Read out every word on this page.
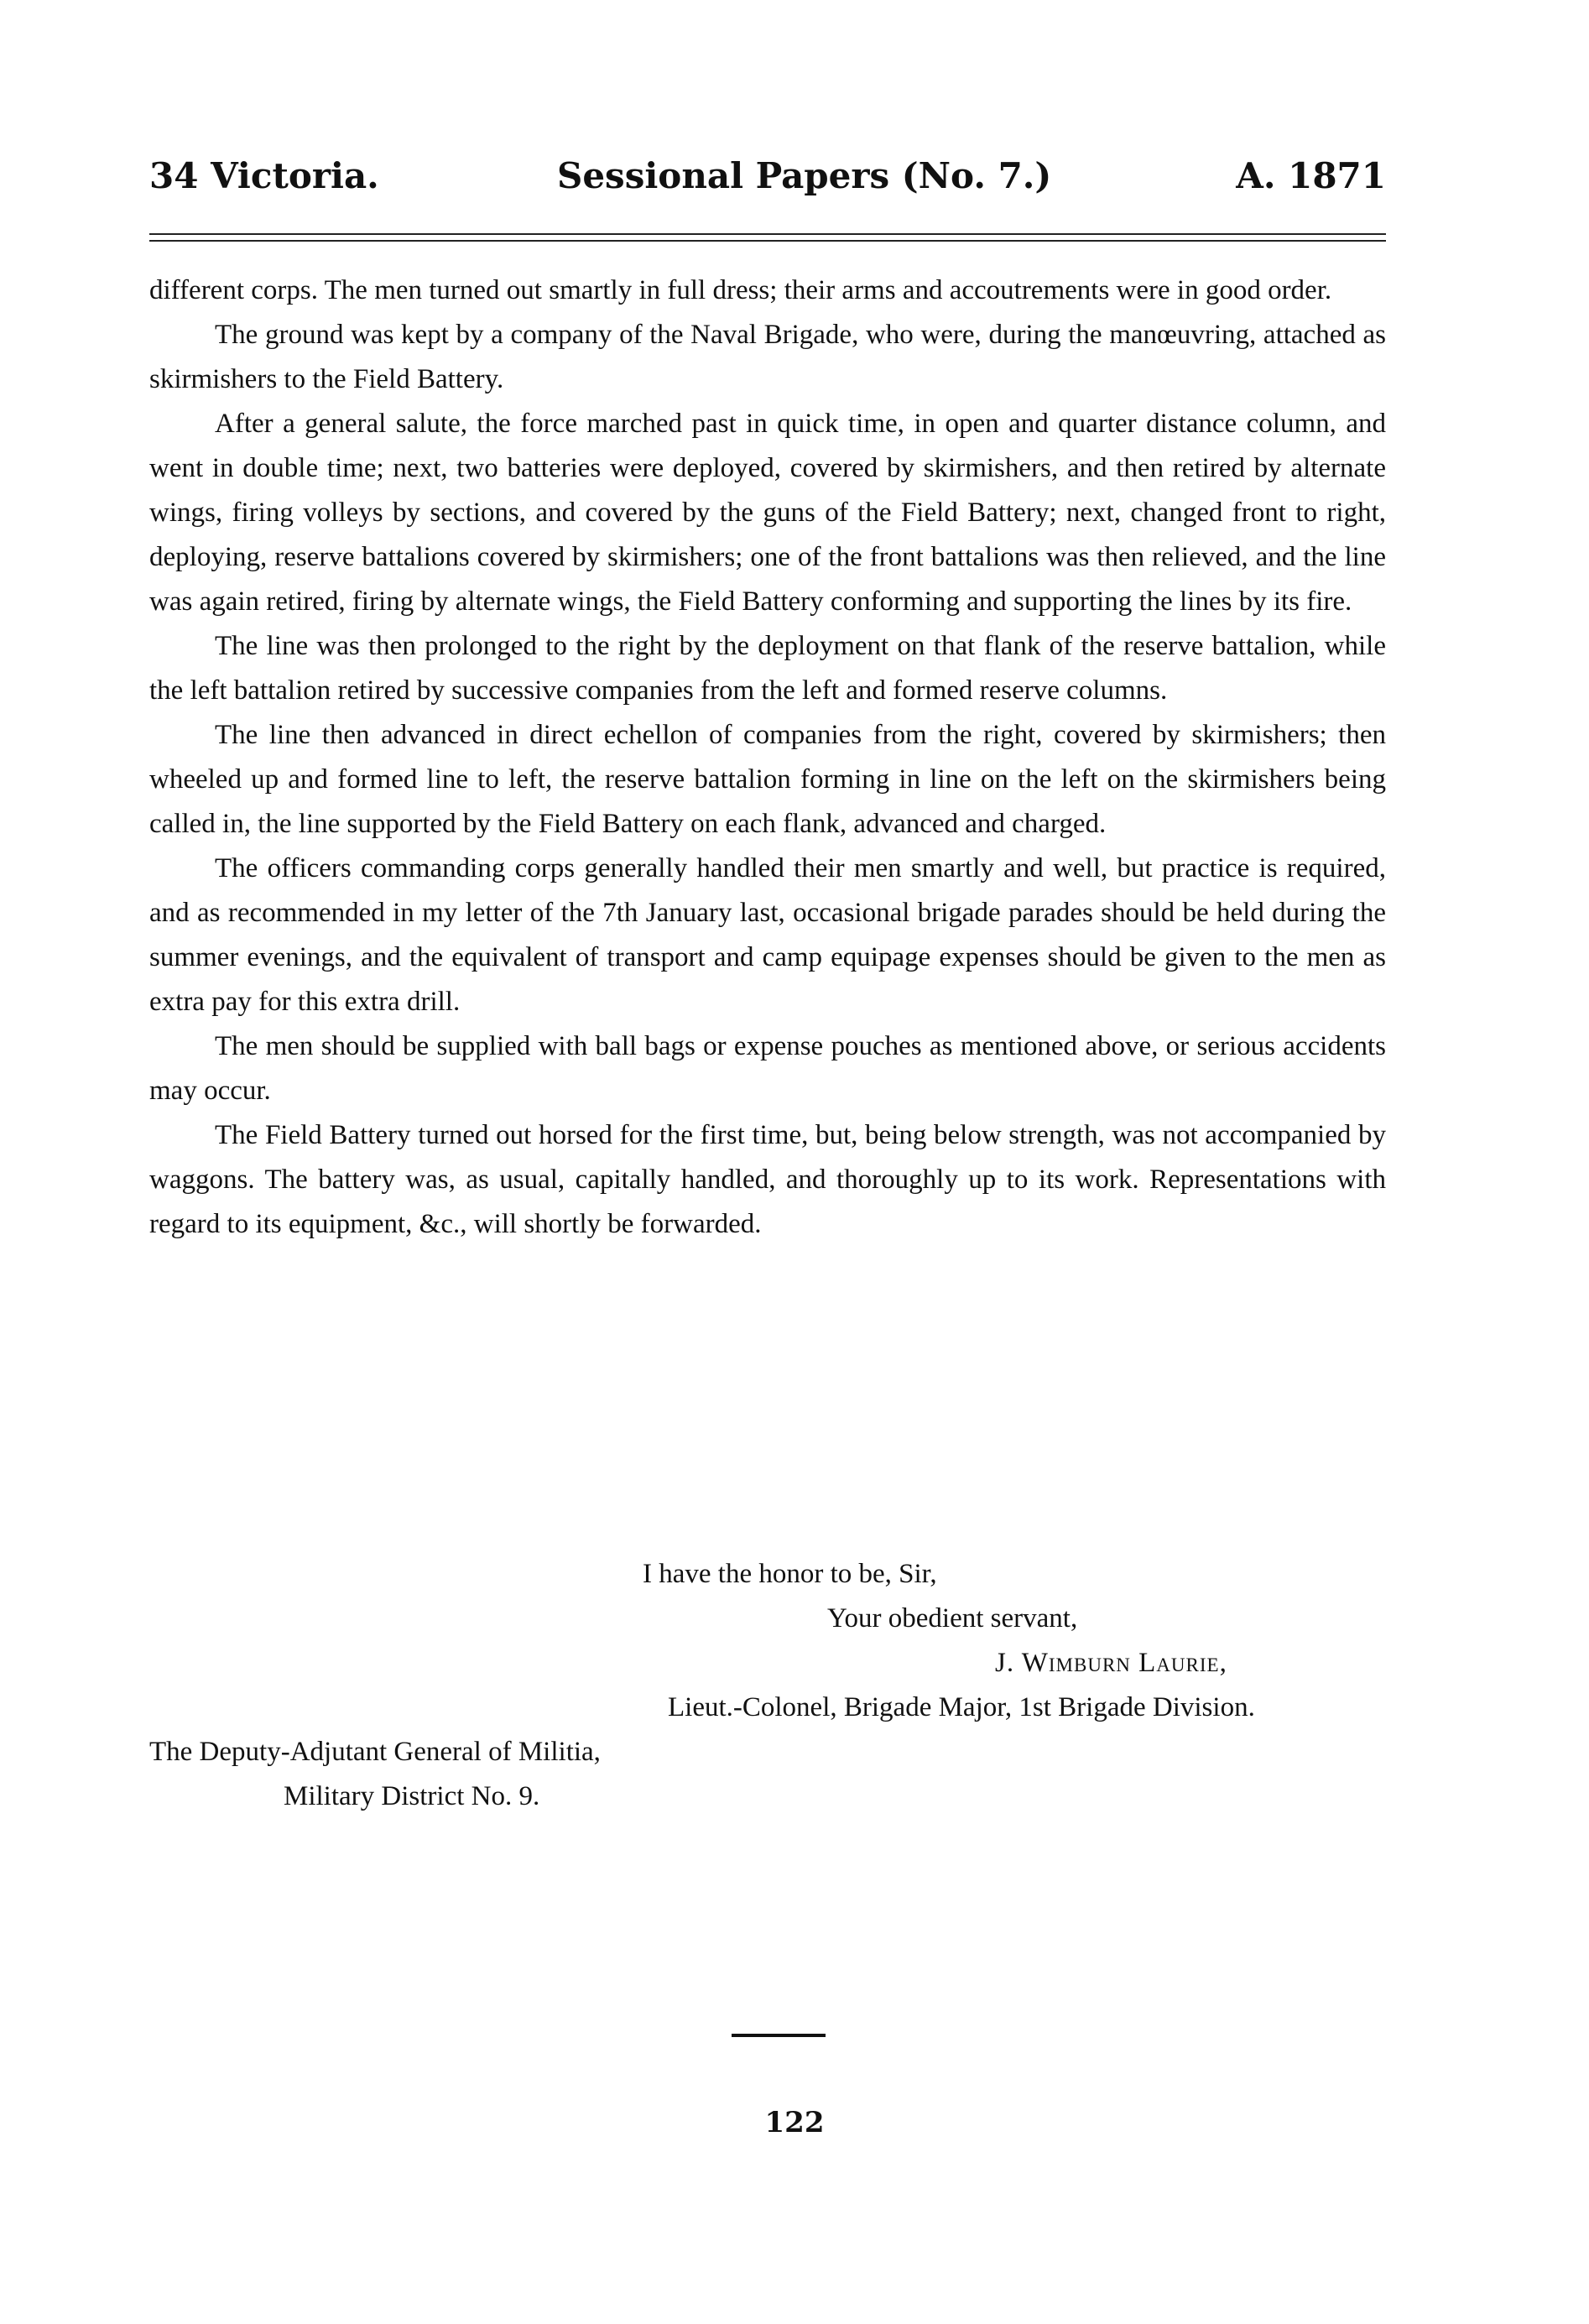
34 Victoria.	Sessional Papers (No. 7.)	A. 1871

different corps. The men turned out smartly in full dress; their arms and accoutrements were in good order.

The ground was kept by a company of the Naval Brigade, who were, during the manœuvring, attached as skirmishers to the Field Battery.

After a general salute, the force marched past in quick time, in open and quarter distance column, and went in double time; next, two batteries were deployed, covered by skirmishers, and then retired by alternate wings, firing volleys by sections, and covered by the guns of the Field Battery; next, changed front to right, deploying, reserve battalions covered by skirmishers; one of the front battalions was then relieved, and the line was again retired, firing by alternate wings, the Field Battery conforming and supporting the lines by its fire.

The line was then prolonged to the right by the deployment on that flank of the reserve battalion, while the left battalion retired by successive companies from the left and formed reserve columns.

The line then advanced in direct echellon of companies from the right, covered by skirmishers; then wheeled up and formed line to left, the reserve battalion forming in line on the left on the skirmishers being called in, the line supported by the Field Battery on each flank, advanced and charged.

The officers commanding corps generally handled their men smartly and well, but practice is required, and as recommended in my letter of the 7th January last, occasional brigade parades should be held during the summer evenings, and the equivalent of transport and camp equipage expenses should be given to the men as extra pay for this extra drill.

The men should be supplied with ball bags or expense pouches as mentioned above, or serious accidents may occur.

The Field Battery turned out horsed for the first time, but, being below strength, was not accompanied by waggons. The battery was, as usual, capitally handled, and thoroughly up to its work. Representations with regard to its equipment, &c., will shortly be forwarded.

I have the honor to be, Sir,
Your obedient servant,
J. Wimburn Laurie,
Lieut.-Colonel, Brigade Major, 1st Brigade Division.
The Deputy-Adjutant General of Militia,
Military District No. 9.
122
